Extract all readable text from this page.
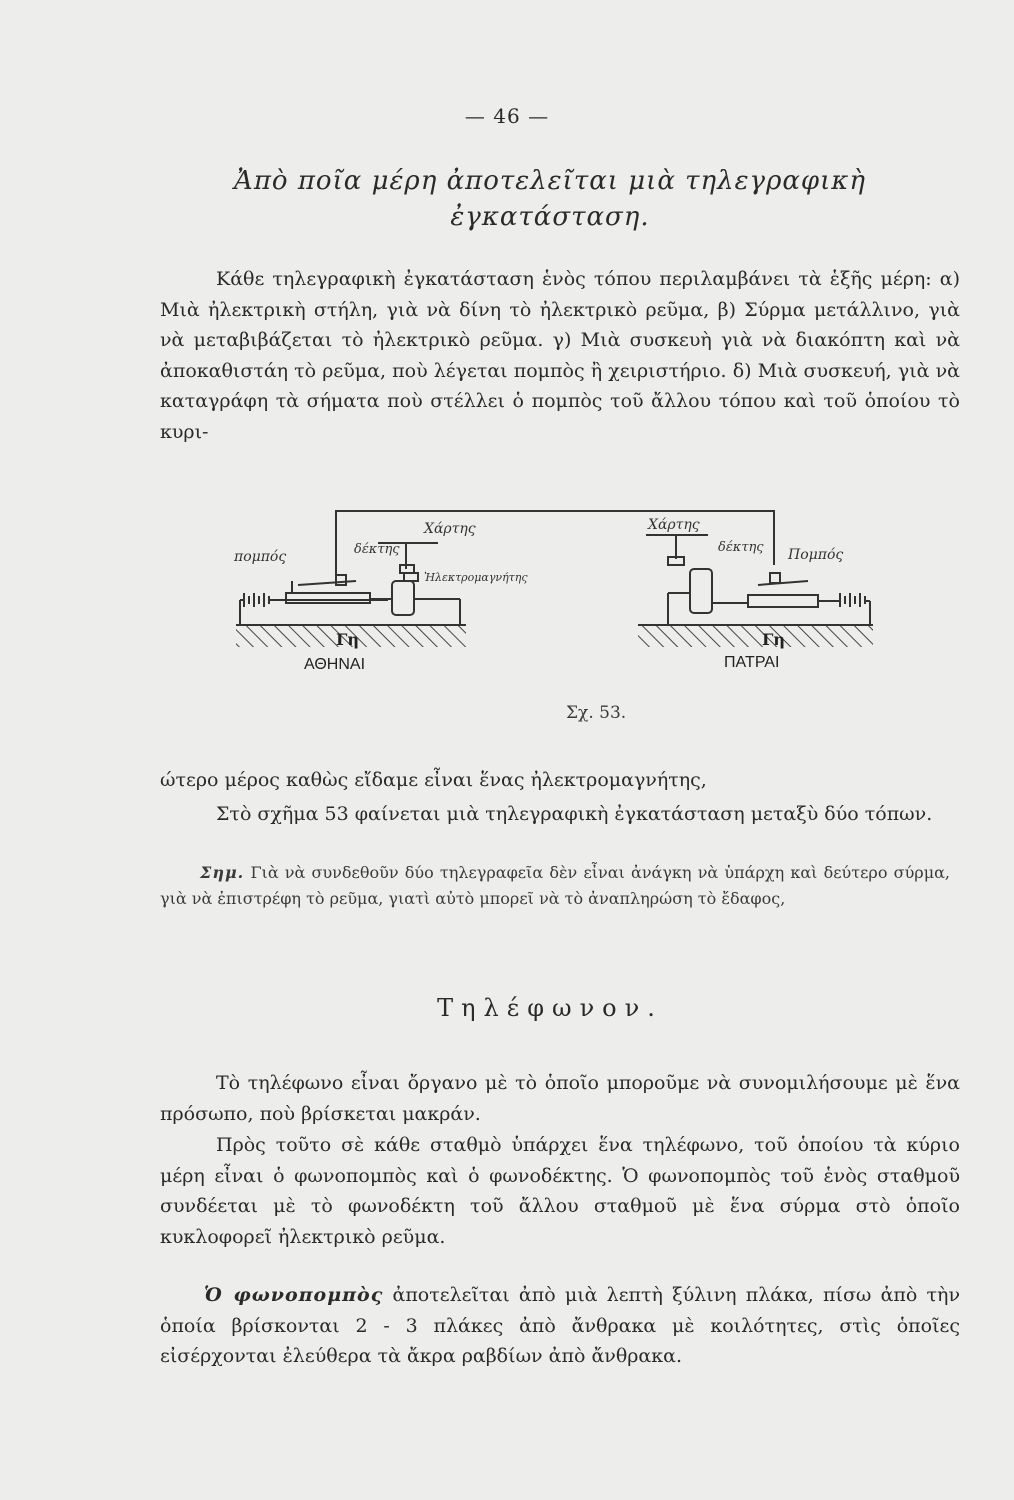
— 46 —
Ἀπὸ ποῖα μέρη ἀποτελεῖται μιὰ τηλεγραφικὴ
ἐγκατάσταση.
Κάθε τηλεγραφικὴ ἐγκατάσταση ἑνὸς τόπου περιλαμβάνει τὰ ἑξῆς μέρη: α) Μιὰ ἠλεκτρικὴ στήλη, γιὰ νὰ δίνη τὸ ἠλεκτρικὸ ρεῦμα, β) Σύρμα μετάλλινο, γιὰ νὰ μεταβιβάζεται τὸ ἠλεκτρικὸ ρεῦμα. γ) Μιὰ συσκευὴ γιὰ νὰ διακόπτη καὶ νὰ ἀποκαθιστάη τὸ ρεῦμα, ποὺ λέγεται πομπὸς ἢ χειριστήριο. δ) Μιὰ συσκευή, γιὰ νὰ καταγράφη τὰ σήματα ποὺ στέλλει ὁ πομπὸς τοῦ ἄλλου τόπου καὶ τοῦ ὁποίου τὸ κυρι-
πομπός
Χάρτης
δέκτης
Ἠλεκτρομαγνήτης
Γη
ΑΘΗΝΑΙ
Χάρτης
δέκτης Πομπός
Γη
ΠΑΤΡΑΙ
Σχ. 53.
ώτερο μέρος καθὼς εἴδαμε εἶναι ἕνας ἠλεκτρομαγνήτης,
Στὸ σχῆμα 53 φαίνεται μιὰ τηλεγραφικὴ ἐγκατάσταση μεταξὺ δύο τόπων.
Σημ. Γιὰ νὰ συνδεθοῦν δύο τηλεγραφεῖα δὲν εἶναι ἀνάγκη νὰ ὑπάρχη καὶ δεύτερο σύρμα, γιὰ νὰ ἐπιστρέφη τὸ ρεῦμα, γιατὶ αὐτὸ μπορεῖ νὰ τὸ ἀναπληρώση τὸ ἔδαφος,
Τηλέφωνον.
Τὸ τηλέφωνο εἶναι ὄργανο μὲ τὸ ὁποῖο μποροῦμε νὰ συνομιλήσουμε μὲ ἕνα πρόσωπο, ποὺ βρίσκεται μακράν.
Πρὸς τοῦτο σὲ κάθε σταθμὸ ὑπάρχει ἕνα τηλέφωνο, τοῦ ὁποίου τὰ κύριο μέρη εἶναι ὁ φωνοπομπὸς καὶ ὁ φωνοδέκτης. Ὁ φωνοπομπὸς τοῦ ἑνὸς σταθμοῦ συνδέεται μὲ τὸ φωνοδέκτη τοῦ ἄλλου σταθμοῦ μὲ ἕνα σύρμα στὸ ὁποῖο κυκλοφορεῖ ἠλεκτρικὸ ρεῦμα.
Ὁ φωνοπομπὸς ἀποτελεῖται ἀπὸ μιὰ λεπτὴ ξύλινη πλάκα, πίσω ἀπὸ τὴν ὁποία βρίσκονται 2 - 3 πλάκες ἀπὸ ἄνθρακα μὲ κοιλότητες, στὶς ὁποῖες εἰσέρχονται ἐλεύθερα τὰ ἄκρα ραβδίων ἀπὸ ἄνθρακα.
